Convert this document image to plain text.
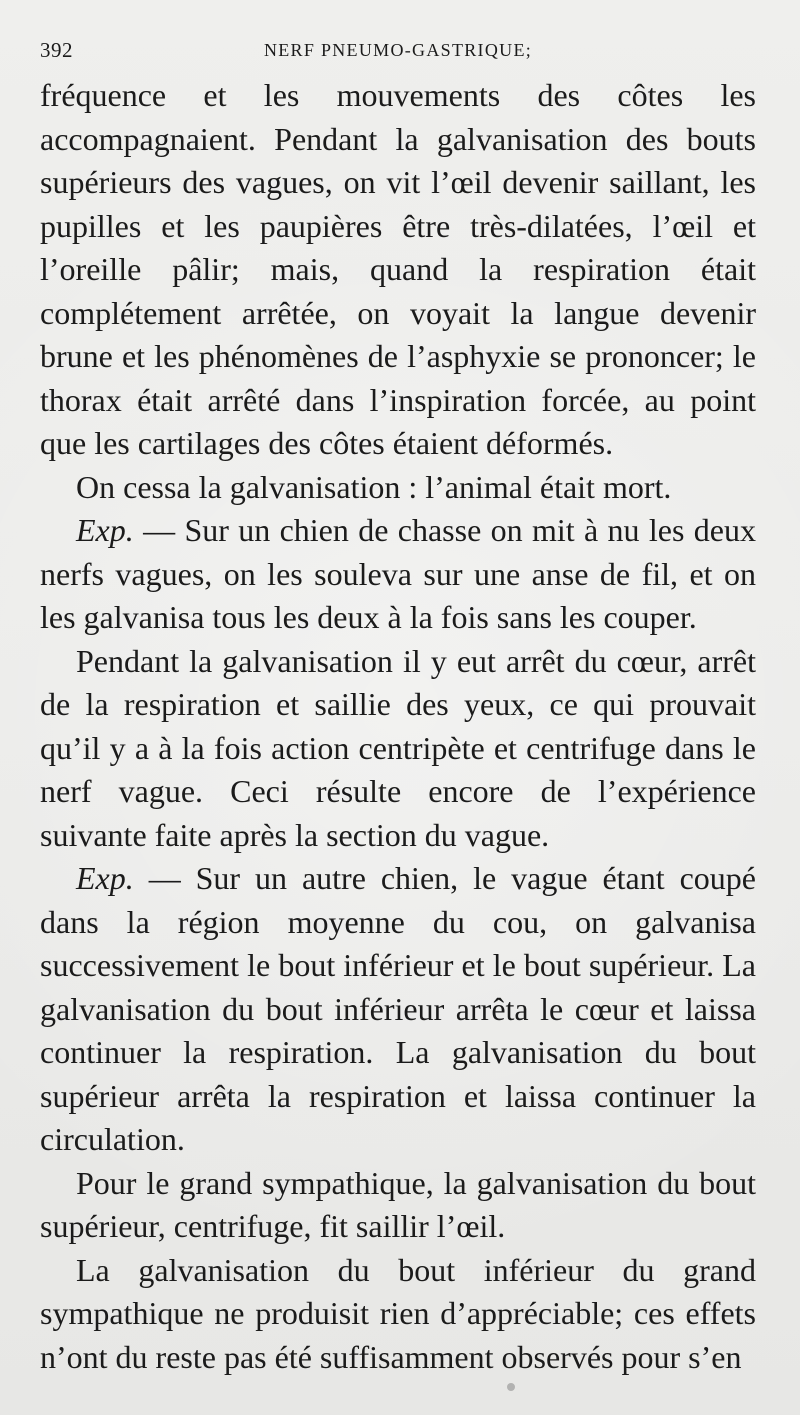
392	NERF PNEUMO-GASTRIQUE;

fréquence et les mouvements des côtes les accompagnaient. Pendant la galvanisation des bouts supérieurs des vagues, on vit l’œil devenir saillant, les pupilles et les paupières être très-dilatées, l’œil et l’oreille pâlir; mais, quand la respiration était complétement arrêtée, on voyait la langue devenir brune et les phénomènes de l’asphyxie se prononcer; le thorax était arrêté dans l’inspiration forcée, au point que les cartilages des côtes étaient déformés.

On cessa la galvanisation : l’animal était mort.

Exp. — Sur un chien de chasse on mit à nu les deux nerfs vagues, on les souleva sur une anse de fil, et on les galvanisa tous les deux à la fois sans les couper.

Pendant la galvanisation il y eut arrêt du cœur, arrêt de la respiration et saillie des yeux, ce qui prouvait qu’il y a à la fois action centripète et centrifuge dans le nerf vague. Ceci résulte encore de l’expérience suivante faite après la section du vague.

Exp. — Sur un autre chien, le vague étant coupé dans la région moyenne du cou, on galvanisa successivement le bout inférieur et le bout supérieur. La galvanisation du bout inférieur arrêta le cœur et laissa continuer la respiration. La galvanisation du bout supérieur arrêta la respiration et laissa continuer la circulation.

Pour le grand sympathique, la galvanisation du bout supérieur, centrifuge, fit saillir l’œil.

La galvanisation du bout inférieur du grand sympathique ne produisit rien d’appréciable; ces effets n’ont du reste pas été suffisamment observés pour s’en
